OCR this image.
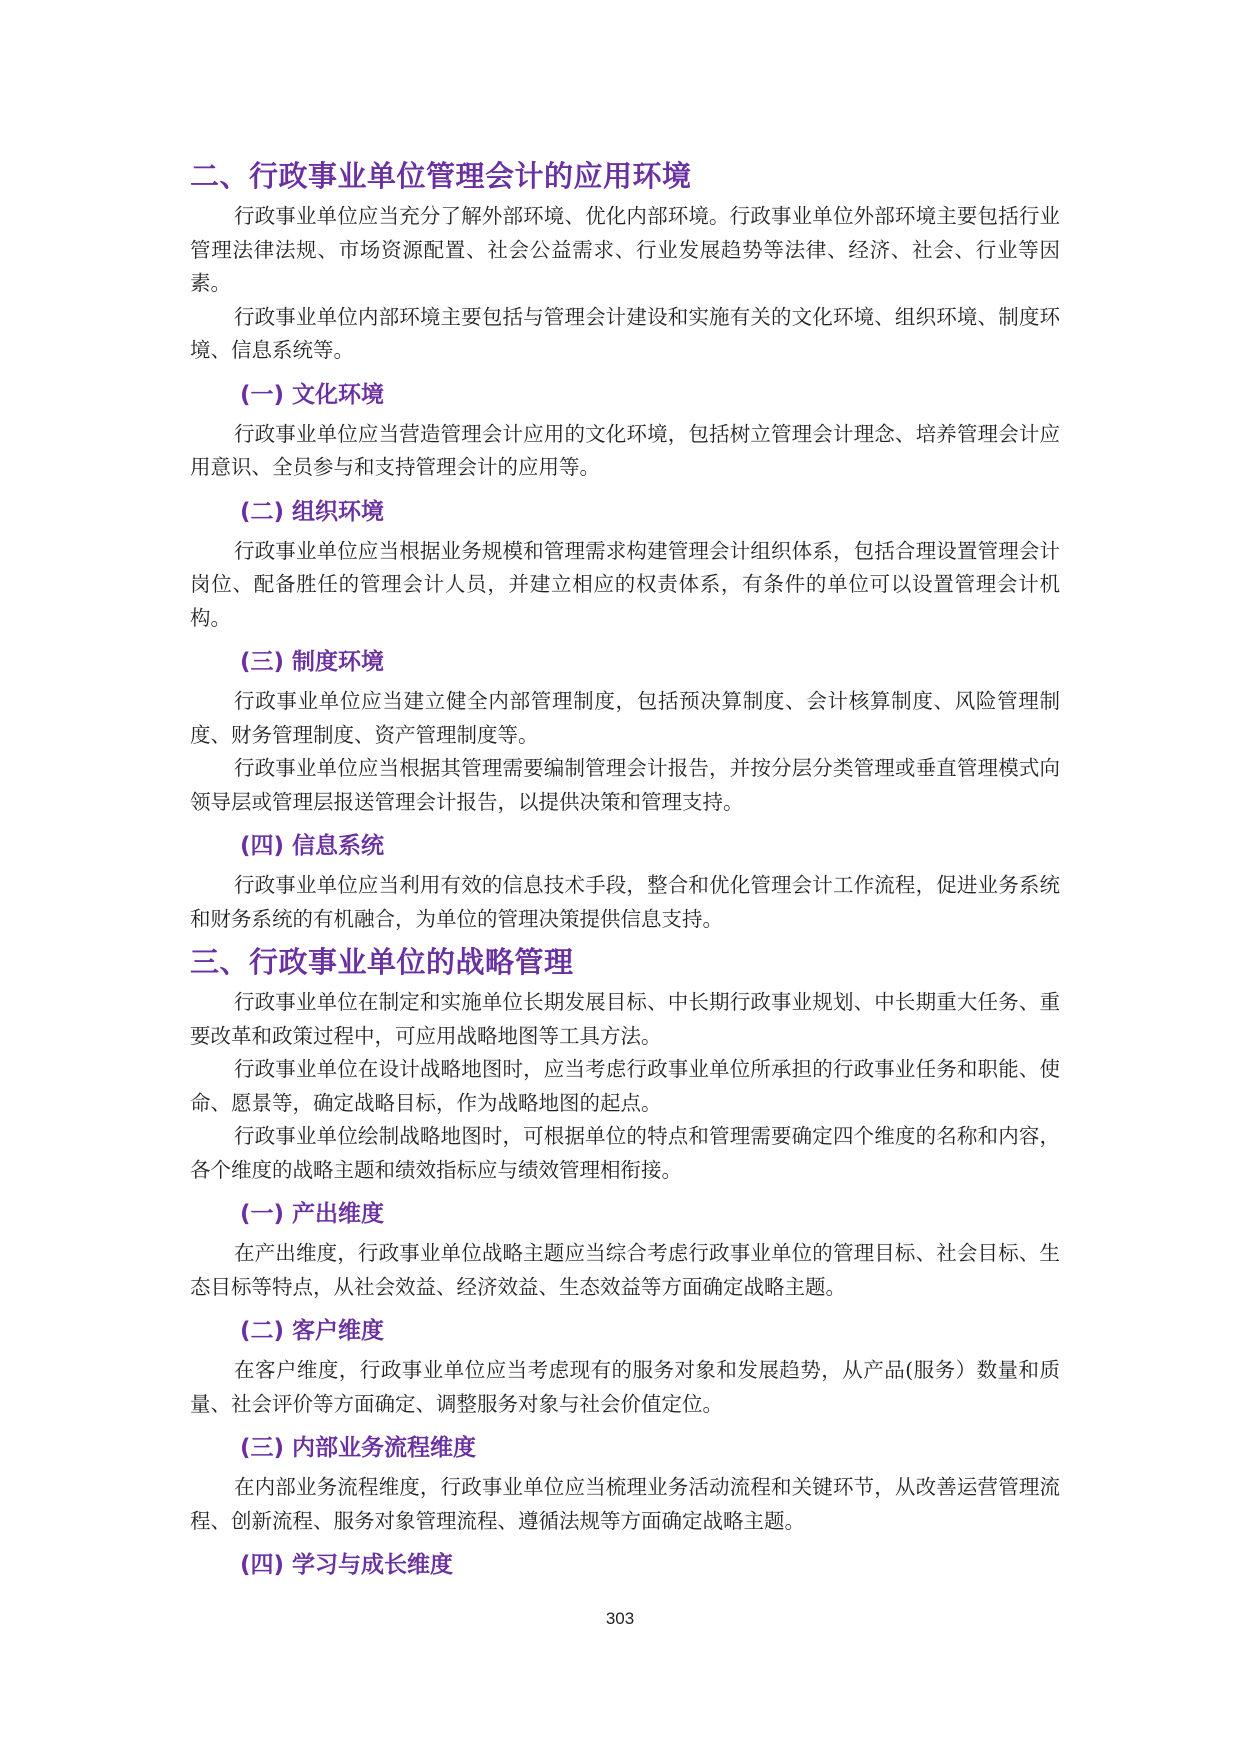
二、行政事业单位管理会计的应用环境

行政事业单位应当充分了解外部环境、优化内部环境。行政事业单位外部环境主要包括行业管理法律法规、市场资源配置、社会公益需求、行业发展趋势等法律、经济、社会、行业等因素。

行政事业单位内部环境主要包括与管理会计建设和实施有关的文化环境、组织环境、制度环境、信息系统等。

(一) 文化环境

行政事业单位应当营造管理会计应用的文化环境，包括树立管理会计理念、培养管理会计应用意识、全员参与和支持管理会计的应用等。

(二) 组织环境

行政事业单位应当根据业务规模和管理需求构建管理会计组织体系，包括合理设置管理会计岗位、配备胜任的管理会计人员，并建立相应的权责体系，有条件的单位可以设置管理会计机构。

(三) 制度环境

行政事业单位应当建立健全内部管理制度，包括预决算制度、会计核算制度、风险管理制度、财务管理制度、资产管理制度等。

行政事业单位应当根据其管理需要编制管理会计报告，并按分层分类管理或垂直管理模式向领导层或管理层报送管理会计报告，以提供决策和管理支持。

(四) 信息系统

行政事业单位应当利用有效的信息技术手段，整合和优化管理会计工作流程，促进业务系统和财务系统的有机融合，为单位的管理决策提供信息支持。

三、行政事业单位的战略管理

行政事业单位在制定和实施单位长期发展目标、中长期行政事业规划、中长期重大任务、重要改革和政策过程中，可应用战略地图等工具方法。

行政事业单位在设计战略地图时，应当考虑行政事业单位所承担的行政事业任务和职能、使命、愿景等，确定战略目标，作为战略地图的起点。

行政事业单位绘制战略地图时，可根据单位的特点和管理需要确定四个维度的名称和内容，各个维度的战略主题和绩效指标应与绩效管理相衔接。

(一) 产出维度

在产出维度，行政事业单位战略主题应当综合考虑行政事业单位的管理目标、社会目标、生态目标等特点，从社会效益、经济效益、生态效益等方面确定战略主题。

(二) 客户维度

在客户维度，行政事业单位应当考虑现有的服务对象和发展趋势，从产品(服务）数量和质量、社会评价等方面确定、调整服务对象与社会价值定位。

(三) 内部业务流程维度

在内部业务流程维度，行政事业单位应当梳理业务活动流程和关键环节，从改善运营管理流程、创新流程、服务对象管理流程、遵循法规等方面确定战略主题。

(四) 学习与成长维度
303
